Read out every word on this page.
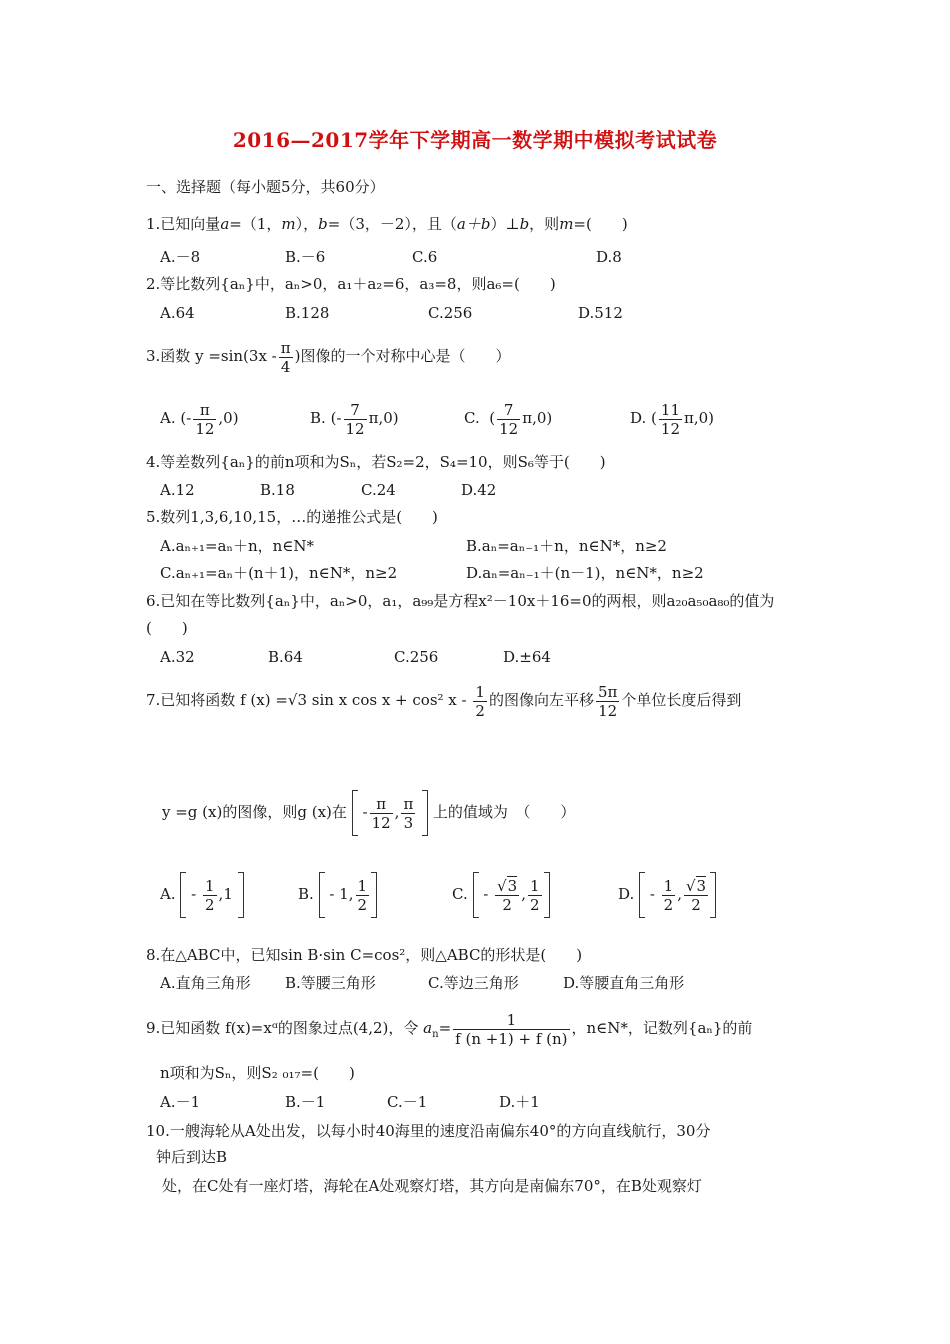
2016—2017学年下学期高一数学期中模拟考试试卷
一、选择题（每小题5分，共60分）
1.已知向量a=（1，m），b=（3，－2），且（a＋b）⊥b，则m=(　　)
A.－8	B.－6	C.6	D.8
2.等比数列{aₙ}中，aₙ>0，a₁＋a₂=6，a₃=8，则a₆=(　　)
A.64	B.128	C.256	D.512
3.函数 $y =\sin(3x - \frac{\pi}{4}$ )图像的一个对称中心是（　　）
A. (- $\frac{\pi}{12} ,0$)	B. (- $\frac{7}{12} \pi,0$)	C. ( $\frac{7}{12} \pi,0$)	D. ( $\frac{11}{12} \pi,0$)
4.等差数列{aₙ}的前n项和为Sₙ，若S₂=2，S₄=10，则S₆等于(　　)
A.12	B.18	C.24	D.42
5.数列1,3,6,10,15，…的递推公式是(　　)
A.aₙ₊₁=aₙ＋n，n∈N*	B.aₙ=aₙ₋₁＋n，n∈N*，n≥2
C.aₙ₊₁=aₙ＋(n＋1)，n∈N*，n≥2	D.aₙ=aₙ₋₁＋(n－1)，n∈N*，n≥2
6.已知在等比数列{aₙ}中，aₙ>0，a₁，a₉₉是方程x²－10x＋16=0的两根，则a₂₀a₅₀a₈₀的值为
(　　)
A.32	B.64	C.256	D.±64
7.已知将函数 f (x) =√3 sin x cos x + cos² x - $\frac{1}{2}$ 的图像向左平移 $\frac{5\pi}{12}$ 个单位长度后得到
y =g (x)的图像，则g (x)在 - $\frac{\pi}{12}$ , $\frac{\pi}{3}$ 上的值域为　（　　）
A.  - $\frac{1}{2} ,1$	B.  - 1, $\frac{1}{2}$	C.  - $\frac{√3}{2}$ , $\frac{1}{2}$	D.  - $\frac{1}{2}$ , $\frac{√3}{2}$
8.在△ABC中，已知sin B·sin C=cos²，则△ABC的形状是(　　)
A.直角三角形 B.等腰三角形	C.等边三角形	D.等腰直角三角形
9.已知函数 f(x)=xᵅ的图象过点(4,2)，令 $a_n= \frac{1}{f (n +1) + f (n)}$ ，n∈N*，记数列{aₙ}的前
n项和为Sₙ，则S₂ ₀₁₇=(　　)
A.－1	B.－1	C.－1	D.＋1
10.一艘海轮从A处出发，以每小时40海里的速度沿南偏东40°的方向直线航行，30分
钟后到达B
处，在C处有一座灯塔，海轮在A处观察灯塔，其方向是南偏东70°，在B处观察灯
